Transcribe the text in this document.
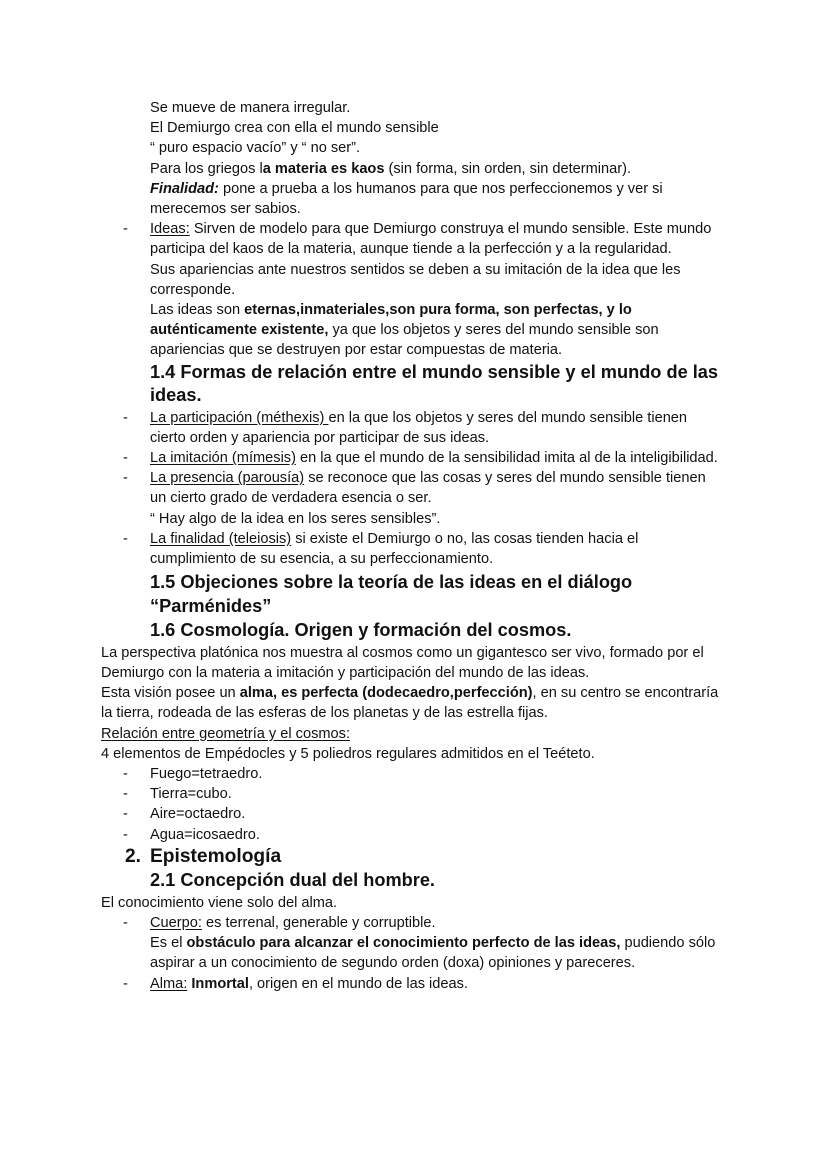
Se mueve de manera irregular.

El Demiurgo crea con ella el mundo sensible

“ puro espacio vacío” y “ no ser”.

Para los griegos la materia es kaos (sin forma, sin orden, sin determinar).

Finalidad: pone a prueba a los humanos para que nos perfeccionemos y ver si merecemos ser sabios.

- Ideas: Sirven de modelo para que Demiurgo construya el mundo sensible. Este mundo participa del kaos de la materia, aunque tiende a la perfección y a la regularidad.

Sus apariencias ante nuestros sentidos se deben a su imitación de la idea que les corresponde.

Las ideas son eternas,inmateriales,son pura forma, son perfectas, y lo auténticamente existente, ya que los objetos y seres del mundo sensible son apariencias que se destruyen por estar compuestas de materia.

1.4 Formas de relación entre el mundo sensible y el mundo de las ideas.
- La participación (méthexis) en la que los objetos y seres del mundo sensible tienen cierto orden y apariencia por participar de sus ideas.

- La imitación (mímesis) en la que el mundo de la sensibilidad imita al de la inteligibilidad.

- La presencia (parousía) se reconoce que las cosas y seres del mundo sensible tienen un cierto grado de verdadera esencia o ser.

“ Hay algo de la idea en los seres sensibles”.

- La finalidad (teleiosis) si existe el Demiurgo o no, las cosas tienden hacia el cumplimiento de su esencia, a su perfeccionamiento.

1.5 Objeciones sobre la teoría de las ideas en el diálogo “Parménides”
1.6 Cosmología. Origen y formación del cosmos.

La perspectiva platónica nos muestra al cosmos como un gigantesco ser vivo, formado por el Demiurgo con la materia a imitación y participación del mundo de las ideas.

Esta visión posee un alma, es perfecta (dodecaedro,perfección), en su centro se encontraría la tierra, rodeada de las esferas de los planetas y de las estrella fijas.

Relación entre geometría y el cosmos:

4 elementos de Empédocles y 5 poliedros regulares admitidos en el Teéteto.

- Fuego=tetraedro.

- Tierra=cubo.

- Aire=octaedro.

- Agua=icosaedro.

2. Epistemología
2.1 Concepción dual del hombre.

El conocimiento viene solo del alma.

- Cuerpo: es terrenal, generable y corruptible.

Es el obstáculo para alcanzar el conocimiento perfecto de las ideas, pudiendo sólo aspirar a un conocimiento de segundo orden (doxa) opiniones y pareceres.

- Alma: Inmortal, origen en el mundo de las ideas.
